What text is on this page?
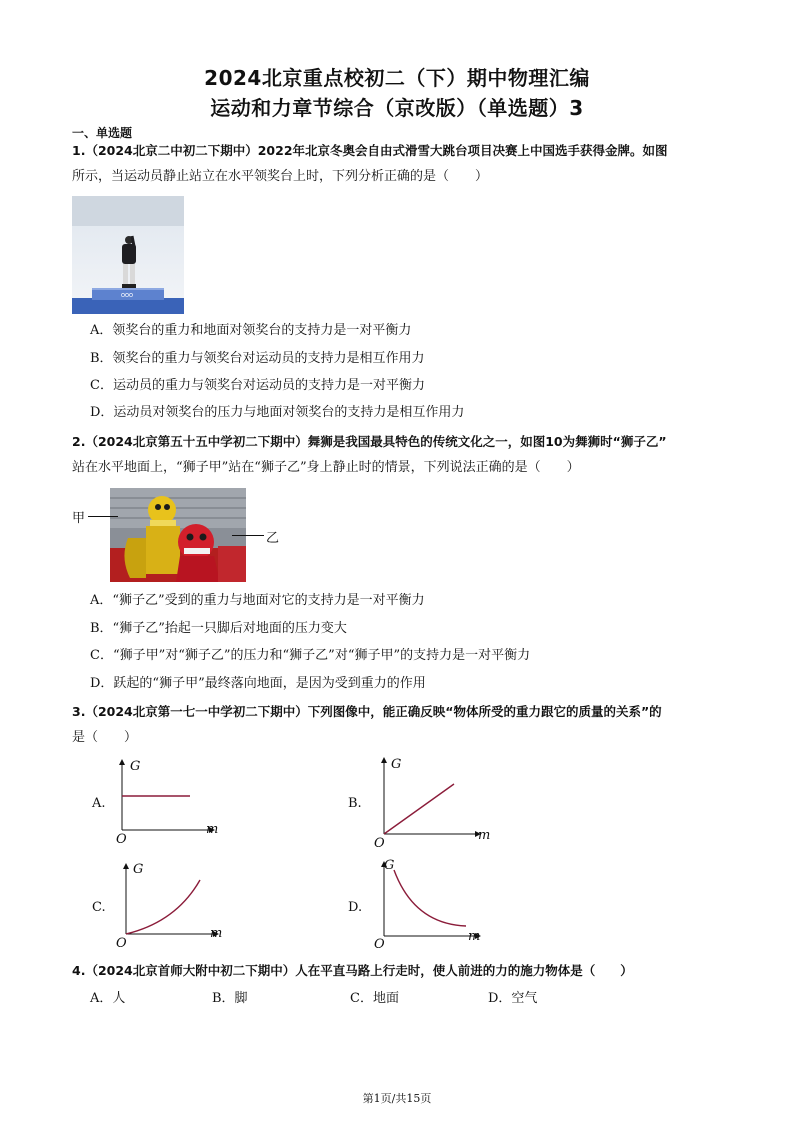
2024北京重点校初二（下）期中物理汇编
运动和力章节综合（京改版）（单选题）3
一、单选题
1.（2024北京二中初二下期中）2022年北京冬奥会自由式滑雪大跳台项目决赛上中国选手获得金牌。如图
所示，当运动员静止站立在水平领奖台上时，下列分析正确的是（　　）
A．领奖台的重力和地面对领奖台的支持力是一对平衡力
B．领奖台的重力与领奖台对运动员的支持力是相互作用力
C．运动员的重力与领奖台对运动员的支持力是一对平衡力
D．运动员对领奖台的压力与地面对领奖台的支持力是相互作用力
2.（2024北京第五十五中学初二下期中）舞狮是我国最具特色的传统文化之一，如图10为舞狮时“狮子乙”
站在水平地面上，“狮子甲”站在“狮子乙”身上静止时的情景，下列说法正确的是（　　）
甲
乙
A．“狮子乙”受到的重力与地面对它的支持力是一对平衡力
B．“狮子乙”抬起一只脚后对地面的压力变大
C．“狮子甲”对“狮子乙”的压力和“狮子乙”对“狮子甲”的支持力是一对平衡力
D．跃起的“狮子甲”最终落向地面，是因为受到重力的作用
3.（2024北京第一七一中学初二下期中）下列图像中，能正确反映“物体所受的重力跟它的质量的关系”的
是（　　）
A.
G
m
O
B.
G
m
O
C.
G
m
O
D.
G
m
O
4.（2024北京首师大附中初二下期中）人在平直马路上行走时，使人前进的力的施力物体是（　　）
A．人	B．脚	C．地面	D．空气
第1页/共15页
